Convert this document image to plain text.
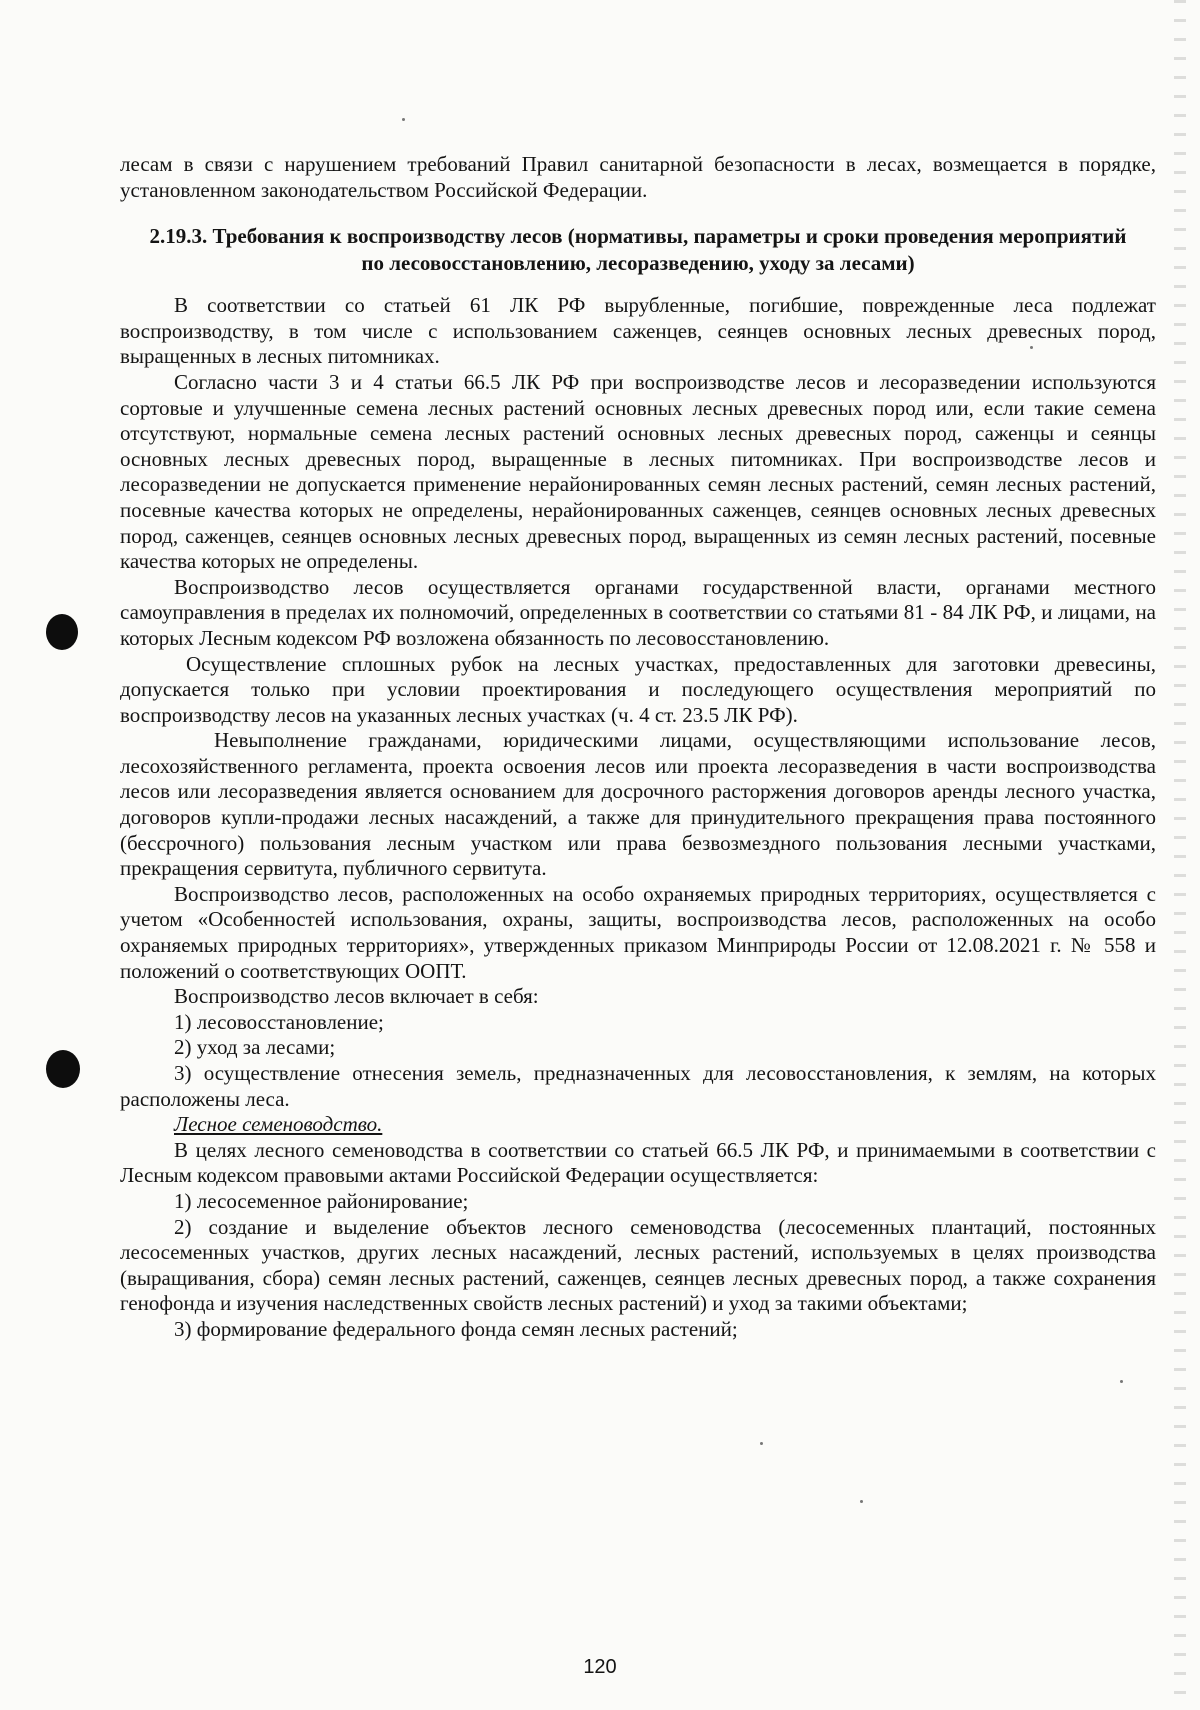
лесам в связи с нарушением требований Правил санитарной безопасности в лесах, возмещается в порядке, установленном законодательством Российской Федерации.

2.19.3. Требования к воспроизводству лесов (нормативы, параметры и сроки проведения мероприятий по лесовосстановлению, лесоразведению, уходу за лесами)

В соответствии со статьей 61 ЛК РФ вырубленные, погибшие, поврежденные леса подлежат воспроизводству, в том числе с использованием саженцев, сеянцев основных лесных древесных пород, выращенных в лесных питомниках.

Согласно части 3 и 4 статьи 66.5 ЛК РФ при воспроизводстве лесов и лесоразведении используются сортовые и улучшенные семена лесных растений основных лесных древесных пород или, если такие семена отсутствуют, нормальные семена лесных растений основных лесных древесных пород, саженцы и сеянцы основных лесных древесных пород, выращенные в лесных питомниках. При воспроизводстве лесов и лесоразведении не допускается применение нерайонированных семян лесных растений, семян лесных растений, посевные качества которых не определены, нерайонированных саженцев, сеянцев основных лесных древесных пород, саженцев, сеянцев основных лесных древесных пород, выращенных из семян лесных растений, посевные качества которых не определены.

Воспроизводство лесов осуществляется органами государственной власти, органами местного самоуправления в пределах их полномочий, определенных в соответствии со статьями 81 - 84 ЛК РФ, и лицами, на которых Лесным кодексом РФ возложена обязанность по лесовосстановлению.

Осуществление сплошных рубок на лесных участках, предоставленных для заготовки древесины, допускается только при условии проектирования и последующего осуществления мероприятий по воспроизводству лесов на указанных лесных участках (ч. 4 ст. 23.5 ЛК РФ).

Невыполнение гражданами, юридическими лицами, осуществляющими использование лесов, лесохозяйственного регламента, проекта освоения лесов или проекта лесоразведения в части воспроизводства лесов или лесоразведения является основанием для досрочного расторжения договоров аренды лесного участка, договоров купли-продажи лесных насаждений, а также для принудительного прекращения права постоянного (бессрочного) пользования лесным участком или права безвозмездного пользования лесными участками, прекращения сервитута, публичного сервитута.

Воспроизводство лесов, расположенных на особо охраняемых природных территориях, осуществляется с учетом «Особенностей использования, охраны, защиты, воспроизводства лесов, расположенных на особо охраняемых природных территориях», утвержденных приказом Минприроды России от 12.08.2021 г. № 558 и положений о соответствующих ООПТ.

Воспроизводство лесов включает в себя:

1) лесовосстановление;

2) уход за лесами;

3) осуществление отнесения земель, предназначенных для лесовосстановления, к землям, на которых расположены леса.

Лесное семеноводство.

В целях лесного семеноводства в соответствии со статьей 66.5 ЛК РФ, и принимаемыми в соответствии с Лесным кодексом правовыми актами Российской Федерации осуществляется:

1) лесосеменное районирование;

2) создание и выделение объектов лесного семеноводства (лесосеменных плантаций, постоянных лесосеменных участков, других лесных насаждений, лесных растений, используемых в целях производства (выращивания, сбора) семян лесных растений, саженцев, сеянцев лесных древесных пород, а также сохранения генофонда и изучения наследственных свойств лесных растений) и уход за такими объектами;

3) формирование федерального фонда семян лесных растений;

120
